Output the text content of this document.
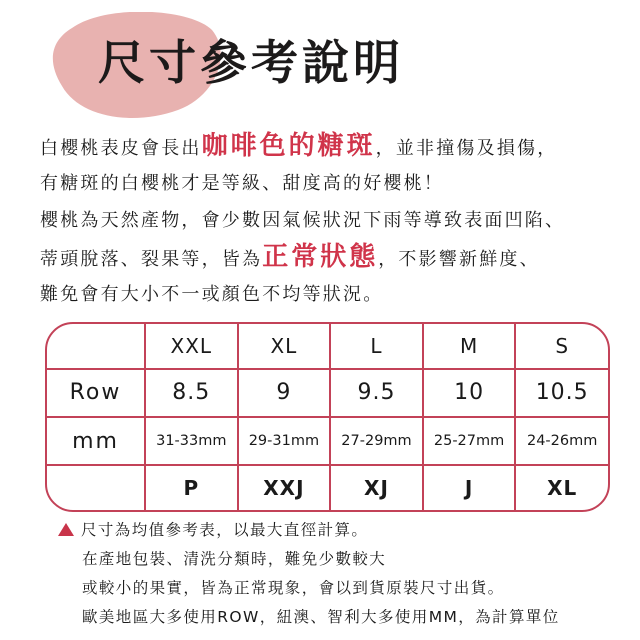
尺寸參考說明

白櫻桃表皮會長出咖啡色的糖斑，並非撞傷及損傷，

有糖斑的白櫻桃才是等級、甜度高的好櫻桃！

櫻桃為天然產物，會少數因氣候狀況下雨等導致表面凹陷、

蒂頭脫落、裂果等，皆為正常狀態，不影響新鮮度、

難免會有大小不一或顏色不均等狀況。

	XXL	XL	L	M	S
Row	8.5	9	9.5	10	10.5
mm	31-33mm	29-31mm	27-29mm	25-27mm	24-26mm
	P	XXJ	XJ	J	XL

尺寸為均值參考表，以最大直徑計算。

在產地包裝、清洗分類時，難免少數較大

或較小的果實，皆為正常現象，會以到貨原裝尺寸出貨。

歐美地區大多使用ROW，紐澳、智利大多使用MM，為計算單位
